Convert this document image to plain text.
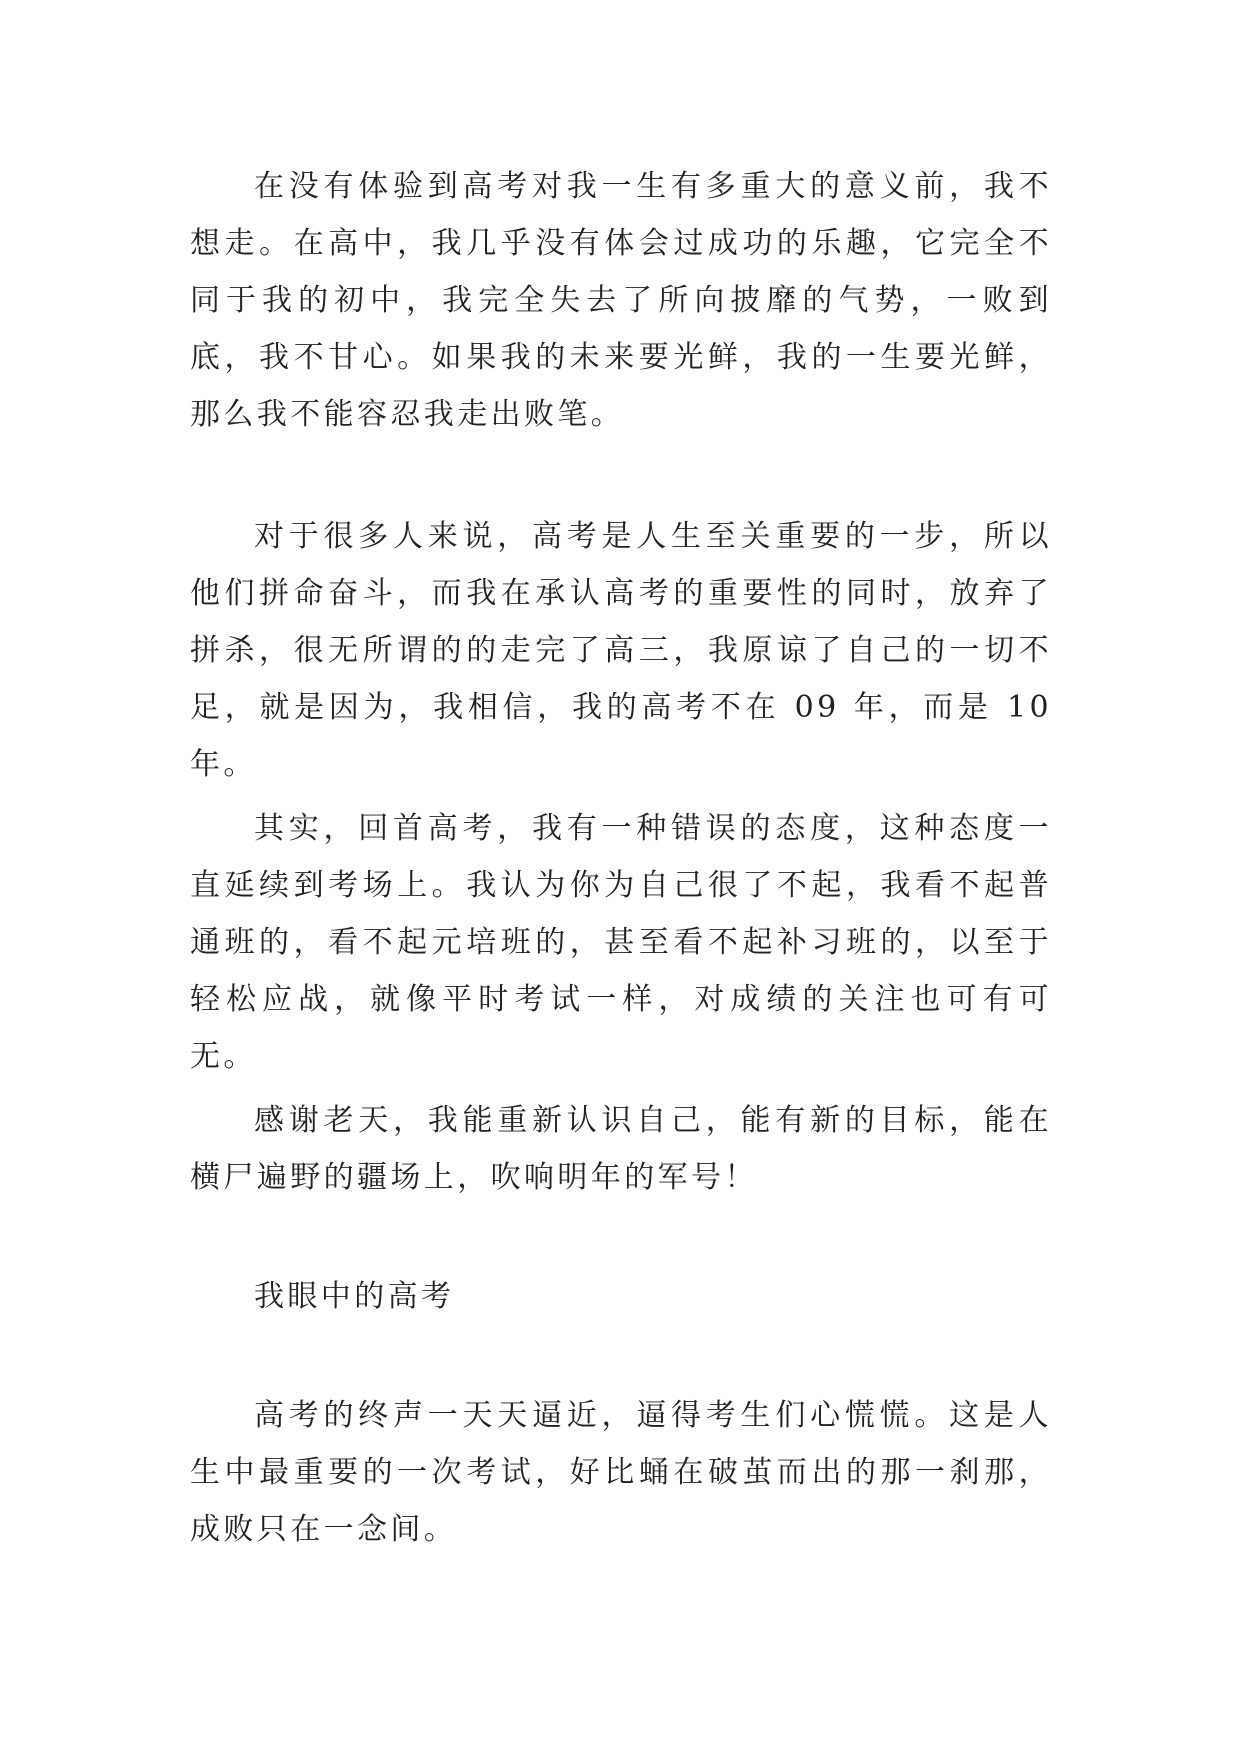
在没有体验到高考对我一生有多重大的意义前，我不想走。在高中，我几乎没有体会过成功的乐趣，它完全不同于我的初中，我完全失去了所向披靡的气势，一败到底，我不甘心。如果我的未来要光鲜，我的一生要光鲜，那么我不能容忍我走出败笔。

对于很多人来说，高考是人生至关重要的一步，所以他们拼命奋斗，而我在承认高考的重要性的同时，放弃了拼杀，很无所谓的的走完了高三，我原谅了自己的一切不足，就是因为，我相信，我的高考不在 09 年，而是 10 年。

其实，回首高考，我有一种错误的态度，这种态度一直延续到考场上。我认为你为自己很了不起，我看不起普通班的，看不起元培班的，甚至看不起补习班的，以至于轻松应战，就像平时考试一样，对成绩的关注也可有可无。

感谢老天，我能重新认识自己，能有新的目标，能在横尸遍野的疆场上，吹响明年的军号！

我眼中的高考

高考的终声一天天逼近，逼得考生们心慌慌。这是人生中最重要的一次考试，好比蛹在破茧而出的那一刹那，成败只在一念间。
